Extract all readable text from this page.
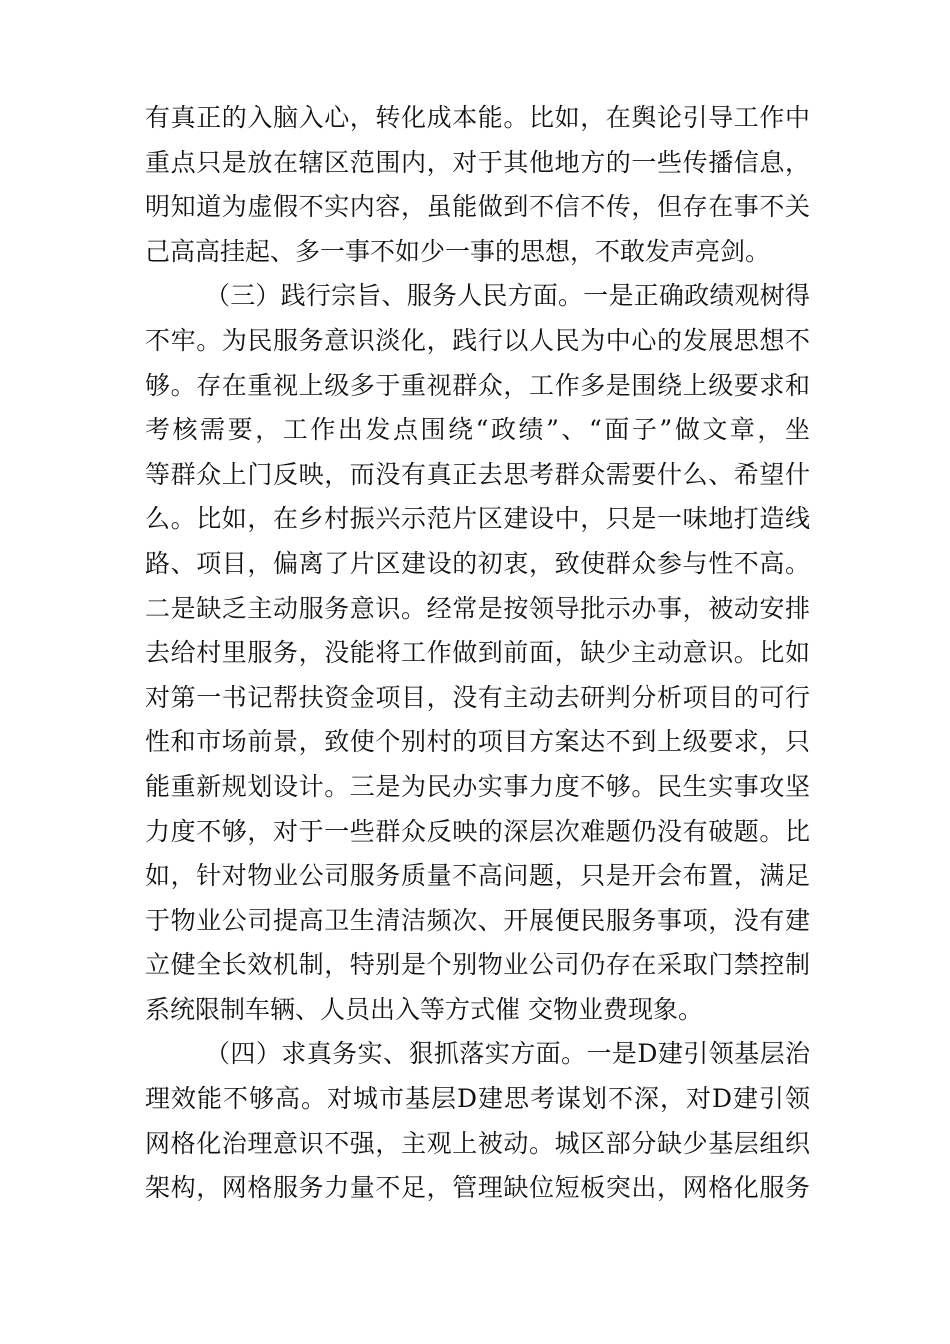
有真正的入脑入心，转化成本能。比如，在舆论引导工作中
重点只是放在辖区范围内，对于其他地方的一些传播信息，
明知道为虚假不实内容，虽能做到不信不传，但存在事不关
己高高挂起、多一事不如少一事的思想，不敢发声亮剑。
（三）践行宗旨、服务人民方面。一是正确政绩观树得
不牢。为民服务意识淡化，践行以人民为中心的发展思想不
够。存在重视上级多于重视群众，工作多是围绕上级要求和
考核需要，工作出发点围绕“政绩”、“面子”做文章，坐
等群众上门反映，而没有真正去思考群众需要什么、希望什
么。比如，在乡村振兴示范片区建设中，只是一味地打造线
路、项目，偏离了片区建设的初衷，致使群众参与性不高。
二是缺乏主动服务意识。经常是按领导批示办事，被动安排
去给村里服务，没能将工作做到前面，缺少主动意识。比如
对第一书记帮扶资金项目，没有主动去研判分析项目的可行
性和市场前景，致使个别村的项目方案达不到上级要求，只
能重新规划设计。三是为民办实事力度不够。民生实事攻坚
力度不够，对于一些群众反映的深层次难题仍没有破题。比
如，针对物业公司服务质量不高问题，只是开会布置，满足
于物业公司提高卫生清洁频次、开展便民服务事项，没有建
立健全长效机制，特别是个别物业公司仍存在采取门禁控制
系统限制车辆、人员出入等方式催 交物业费现象。
（四）求真务实、狠抓落实方面。一是D建引领基层治
理效能不够高。对城市基层D建思考谋划不深，对D建引领
网格化治理意识不强，主观上被动。城区部分缺少基层组织
架构，网格服务力量不足，管理缺位短板突出，网格化服务
